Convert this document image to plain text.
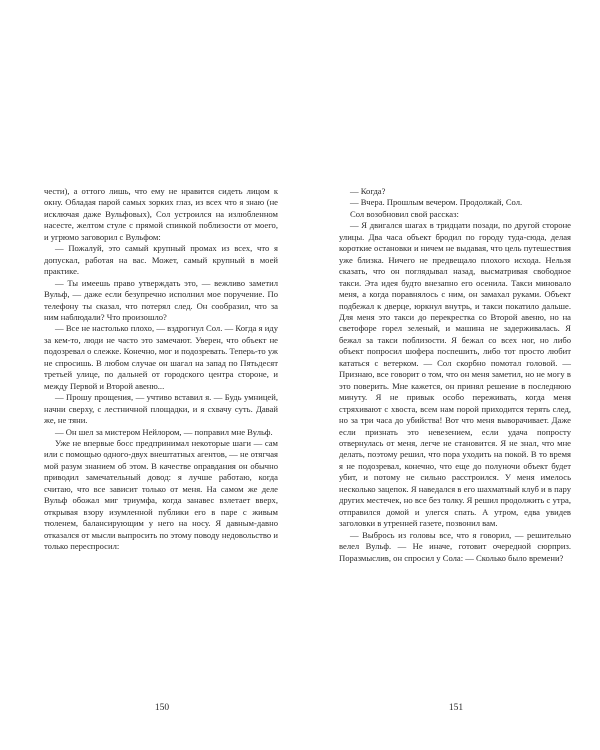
чести), а оттого лишь, что ему не нравится сидеть лицом к окну. Обладая парой самых зорких глаз, из всех что я знаю (не исключая даже Вульфовых), Сол устроился на излюбленном насесте, желтом стуле с прямой спинкой поблизости от моего, и угрюмо заговорил с Вульфом:

— Пожалуй, это самый крупный промах из всех, что я допускал, работая на вас. Может, самый крупный в моей практике.

— Ты имеешь право утверждать это, — вежливо заметил Вульф, — даже если безупречно исполнил мое поручение. По телефону ты сказал, что потерял след. Он сообразил, что за ним наблюдали? Что произошло?

— Все не настолько плохо, — вздрогнул Сол. — Когда я иду за кем-то, люди не часто это замечают. Уверен, что объект не подозревал о слежке. Конечно, мог и подозревать. Теперь-то уж не спросишь. В любом случае он шагал на запад по Пятьдесят третьей улице, по дальней от городского центра стороне, и между Первой и Второй авеню...

— Прошу прощения, — учтиво вставил я. — Будь умницей, начни сверху, с лестничной площадки, и я схвачу суть. Давай же, не тяни.

— Он шел за мистером Нейлором, — поправил мне Вульф.

Уже не впервые босс предпринимал некоторые шаги — сам или с помощью одного-двух внештатных агентов, — не отягчая мой разум знанием об этом. В качестве оправдания он обычно приводил замечательный довод: я лучше работаю, когда считаю, что все зависит только от меня. На самом же деле Вульф обожал миг триумфа, когда занавес взлетает вверх, открывая взору изумленной публики его в паре с живым тюленем, балансирующим у него на носу. Я давным-давно отказался от мысли выпросить по этому поводу недовольство и только переспросил:

150

— Когда?

— Вчера. Прошлым вечером. Продолжай, Сол.

Сол возобновил свой рассказ:

— Я двигался шагах в тридцати позади, по другой стороне улицы. Два часа объект бродил по городу туда-сюда, делая короткие остановки и ничем не выдавая, что цель путешествия уже близка. Ничего не предвещало плохого исхода. Нельзя сказать, что он поглядывал назад, высматривая свободное такси. Эта идея будто внезапно его осенила. Такси миновало меня, а когда поравнялось с ним, он замахал руками. Объект подбежал к дверце, юркнул внутрь, и такси покатило дальше. Для меня это такси до перекрестка со Второй авеню, но на светофоре горел зеленый, и машина не задерживалась. Я бежал за такси поблизости. Я бежал со всех ног, но либо объект попросил шофера поспешить, либо тот просто любит кататься с ветерком. — Сол скорбно помотал головой. — Признаю, все говорит о том, что он меня заметил, но не могу в это поверить. Мне кажется, он принял решение в последнюю минуту. Я не привык особо переживать, когда меня стряхивают с хвоста, всем нам порой приходится терять след, но за три часа до убийства! Вот что меня выворачивает. Даже если признать это невезением, если удача попросту отвернулась от меня, легче не становится. Я не знал, что мне делать, поэтому решил, что пора уходить на покой. В то время я не подозревал, конечно, что еще до полуночи объект будет убит, и потому не сильно расстроился. У меня имелось несколько зацепок. Я наведался в его шахматный клуб и в пару других местечек, но все без толку. Я решил продолжить с утра, отправился домой и улегся спать. А утром, едва увидев заголовки в утренней газете, позвонил вам.

— Выбрось из головы все, что я говорил, — решительно велел Вульф. — Не иначе, готовит очередной сюрприз. Поразмыслив, он спросил у Сола: — Сколько было времени?

151
